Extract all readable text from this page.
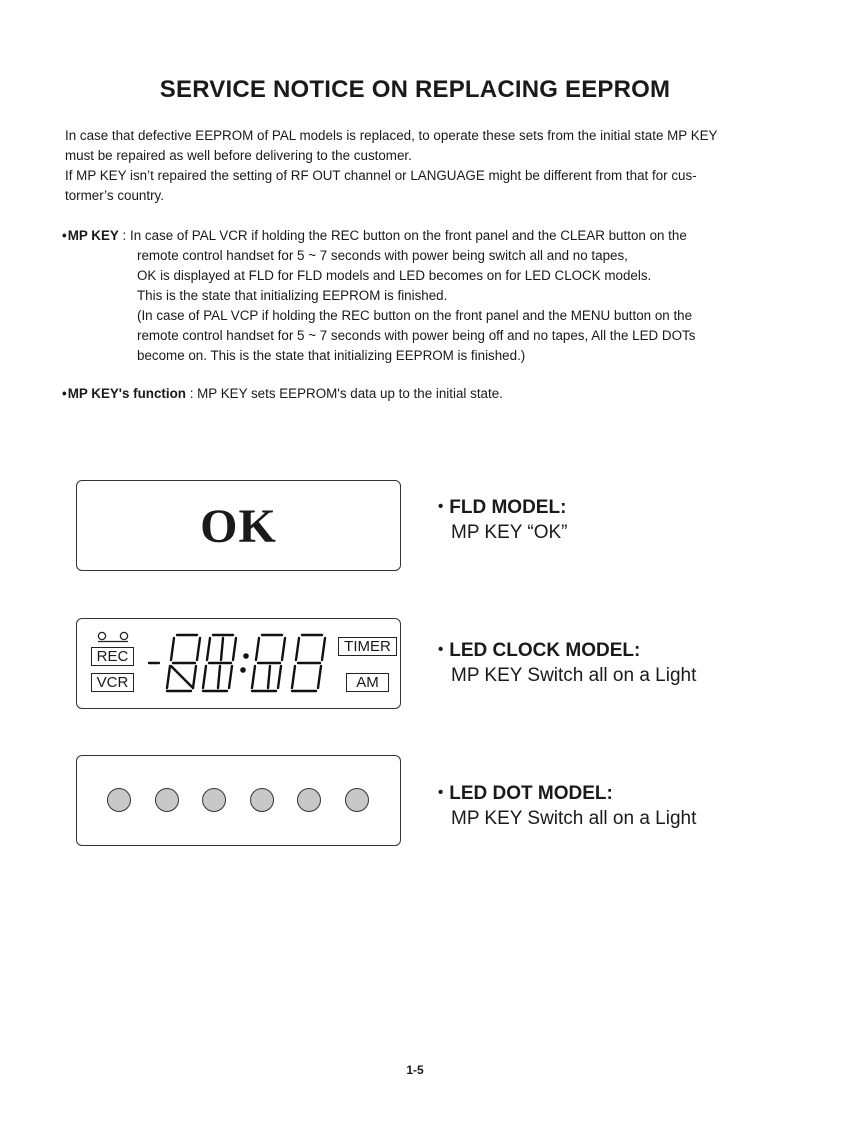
SERVICE NOTICE ON REPLACING EEPROM
In case that defective EEPROM of PAL models is replaced, to operate these sets from the initial state MP KEY
must be repaired as well before delivering to the customer.
If MP KEY isn’t repaired the setting of RF OUT channel or LANGUAGE might be different from that for cus-
tormer’s country.
•MP KEY : In case of PAL VCR if holding the REC button on the front panel and the CLEAR button on the
remote control handset for 5 ~ 7 seconds with power being switch all and no tapes,
OK is displayed at FLD for FLD models and LED becomes on for LED CLOCK models.
This is the state that initializing EEPROM is finished.
(In case of PAL VCP if holding the REC button on the front panel and the MENU button on the
remote control handset for 5 ~ 7 seconds with power being off and no tapes, All the LED DOTs
become on. This is the state that initializing EEPROM is finished.)
•MP KEY's function : MP KEY sets EEPROM's data up to the initial state.
OK	• FLD MODEL:
MP KEY “OK”
REC
VCR
TIMER
AM
• LED CLOCK MODEL:
MP KEY Switch all on a Light
• LED DOT MODEL:
MP KEY Switch all on a Light
1-5
